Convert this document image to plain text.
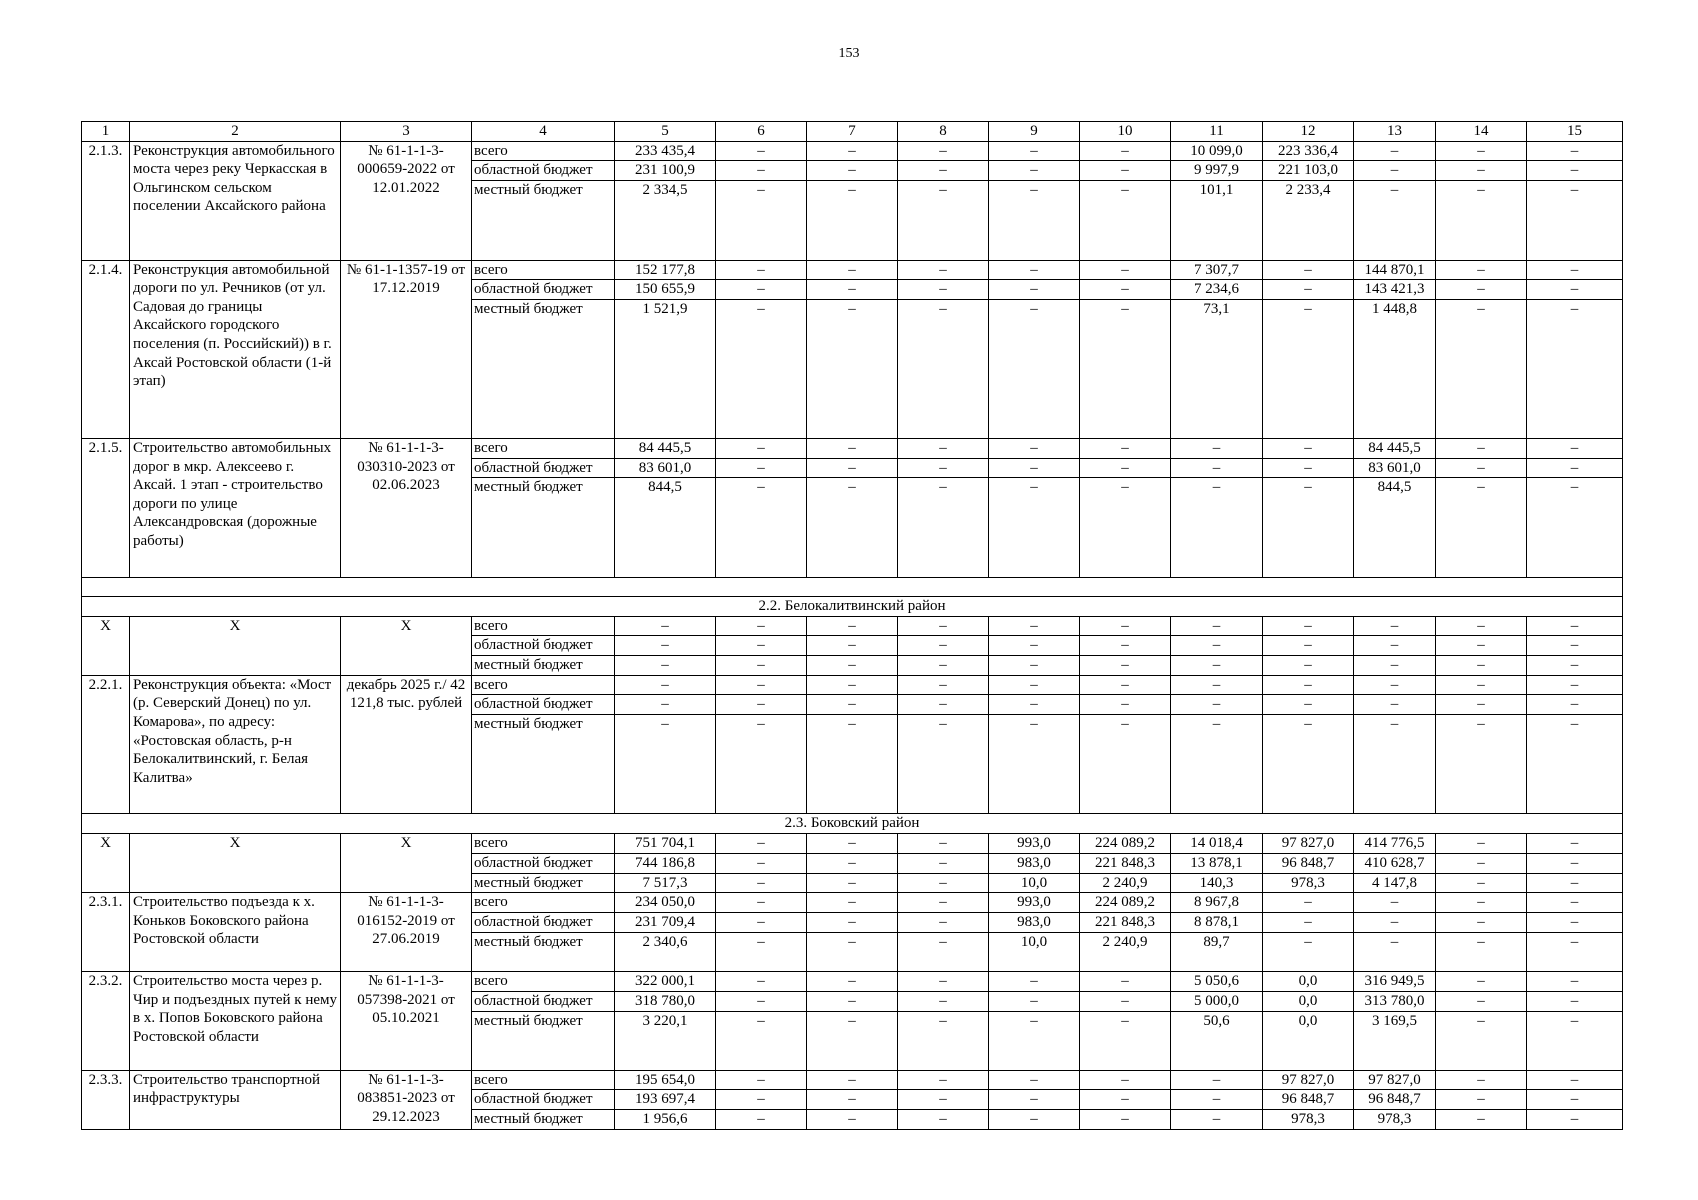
153
1	2	3	4	5	6	7	8	9	10	11	12	13	14	15
2.1.3.	Реконструкция автомобильного моста через реку Черкасская в Ольгинском сельском поселении Аксайского района	№ 61-1-1-3-000659-2022 от 12.01.2022	всего	233 435,4	–	–	–	–	–	10 099,0	223 336,4	–	–	–
			областной бюджет	231 100,9	–	–	–	–	–	9 997,9	221 103,0	–	–	–
			местный бюджет	2 334,5	–	–	–	–	–	101,1	2 233,4	–	–	–
2.1.4.	Реконструкция автомобильной дороги по ул. Речников (от ул. Садовая до границы Аксайского городского поселения (п. Российский)) в г. Аксай Ростовской области (1-й этап)	№ 61-1-1357-19 от 17.12.2019	всего	152 177,8	–	–	–	–	–	7 307,7	–	144 870,1	–	–
			областной бюджет	150 655,9	–	–	–	–	–	7 234,6	–	143 421,3	–	–
			местный бюджет	1 521,9	–	–	–	–	–	73,1	–	1 448,8	–	–
2.1.5.	Строительство автомобильных дорог в мкр. Алексеево г. Аксай. 1 этап - строительство дороги по улице Александровская (дорожные работы)	№ 61-1-1-3-030310-2023 от 02.06.2023	всего	84 445,5	–	–	–	–	–	–	–	84 445,5	–	–
			областной бюджет	83 601,0	–	–	–	–	–	–	–	83 601,0	–	–
			местный бюджет	844,5	–	–	–	–	–	–	–	844,5	–	–

2.2. Белокалитвинский район														
X	X	X	всего	–	–	–	–	–	–	–	–	–	–	–
			областной бюджет	–	–	–	–	–	–	–	–	–	–	–
			местный бюджет	–	–	–	–	–	–	–	–	–	–	–
2.2.1.	Реконструкция объекта: «Мост (р. Северский Донец) по ул. Комарова», по адресу: «Ростовская область, р-н Белокалитвинский, г. Белая Калитва»	декабрь 2025 г./ 42 121,8 тыс. рублей	всего	–	–	–	–	–	–	–	–	–	–	–
			областной бюджет	–	–	–	–	–	–	–	–	–	–	–
			местный бюджет	–	–	–	–	–	–	–	–	–	–	–
2.3. Боковский район														
X	X	X	всего	751 704,1	–	–	–	993,0	224 089,2	14 018,4	97 827,0	414 776,5	–	–
			областной бюджет	744 186,8	–	–	–	983,0	221 848,3	13 878,1	96 848,7	410 628,7	–	–
			местный бюджет	7 517,3	–	–	–	10,0	2 240,9	140,3	978,3	4 147,8	–	–
2.3.1.	Строительство подъезда к х. Коньков Боковского района Ростовской области	№ 61-1-1-3-016152-2019 от 27.06.2019	всего	234 050,0	–	–	–	993,0	224 089,2	8 967,8	–	–	–	–
			областной бюджет	231 709,4	–	–	–	983,0	221 848,3	8 878,1	–	–	–	–
			местный бюджет	2 340,6	–	–	–	10,0	2 240,9	89,7	–	–	–	–
2.3.2.	Строительство моста через р. Чир и подъездных путей к нему в х. Попов Боковского района Ростовской области	№ 61-1-1-3-057398-2021 от 05.10.2021	всего	322 000,1	–	–	–	–	–	5 050,6	0,0	316 949,5	–	–
			областной бюджет	318 780,0	–	–	–	–	–	5 000,0	0,0	313 780,0	–	–
			местный бюджет	3 220,1	–	–	–	–	–	50,6	0,0	3 169,5	–	–
2.3.3.	Строительство транспортной инфраструктуры	№ 61-1-1-3-083851-2023 от 29.12.2023	всего	195 654,0	–	–	–	–	–	–	97 827,0	97 827,0	–	–
			областной бюджет	193 697,4	–	–	–	–	–	–	96 848,7	96 848,7	–	–
			местный бюджет	1 956,6	–	–	–	–	–	–	978,3	978,3	–	–
